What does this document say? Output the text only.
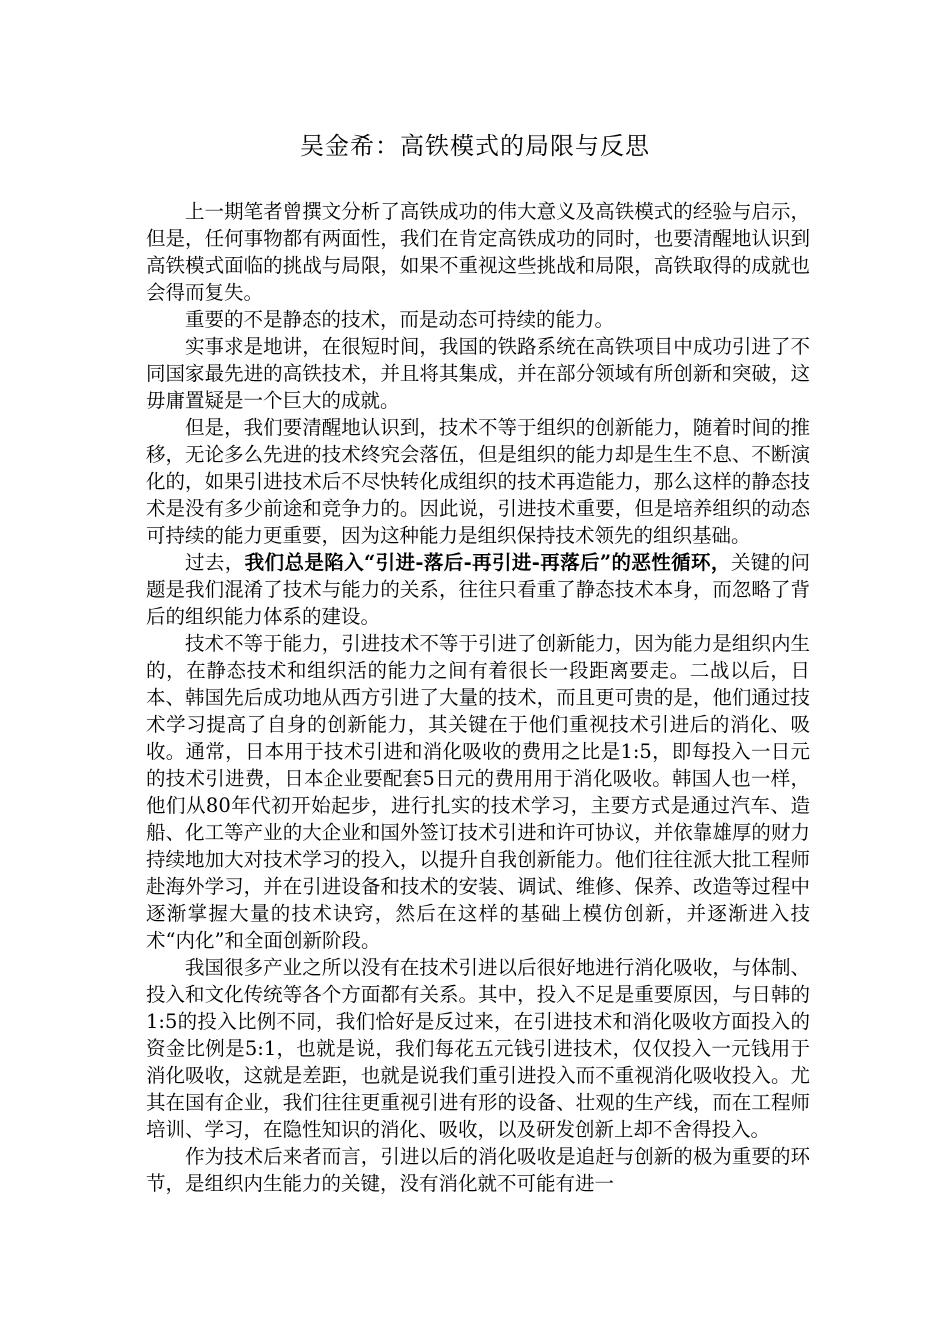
吴金希：高铁模式的局限与反思

上一期笔者曾撰文分析了高铁成功的伟大意义及高铁模式的经验与启示，但是，任何事物都有两面性，我们在肯定高铁成功的同时，也要清醒地认识到高铁模式面临的挑战与局限，如果不重视这些挑战和局限，高铁取得的成就也会得而复失。

重要的不是静态的技术，而是动态可持续的能力。

实事求是地讲，在很短时间，我国的铁路系统在高铁项目中成功引进了不同国家最先进的高铁技术，并且将其集成，并在部分领域有所创新和突破，这毋庸置疑是一个巨大的成就。

但是，我们要清醒地认识到，技术不等于组织的创新能力，随着时间的推移，无论多么先进的技术终究会落伍，但是组织的能力却是生生不息、不断演化的，如果引进技术后不尽快转化成组织的技术再造能力，那么这样的静态技术是没有多少前途和竞争力的。因此说，引进技术重要，但是培养组织的动态可持续的能力更重要，因为这种能力是组织保持技术领先的组织基础。

过去，我们总是陷入“引进-落后-再引进-再落后”的恶性循环，关键的问题是我们混淆了技术与能力的关系，往往只看重了静态技术本身，而忽略了背后的组织能力体系的建设。

技术不等于能力，引进技术不等于引进了创新能力，因为能力是组织内生的，在静态技术和组织活的能力之间有着很长一段距离要走。二战以后，日本、韩国先后成功地从西方引进了大量的技术，而且更可贵的是，他们通过技术学习提高了自身的创新能力，其关键在于他们重视技术引进后的消化、吸收。通常，日本用于技术引进和消化吸收的费用之比是1:5，即每投入一日元的技术引进费，日本企业要配套5日元的费用用于消化吸收。韩国人也一样，他们从80年代初开始起步，进行扎实的技术学习，主要方式是通过汽车、造船、化工等产业的大企业和国外签订技术引进和许可协议，并依靠雄厚的财力持续地加大对技术学习的投入，以提升自我创新能力。他们往往派大批工程师赴海外学习，并在引进设备和技术的安装、调试、维修、保养、改造等过程中逐渐掌握大量的技术诀窍，然后在这样的基础上模仿创新，并逐渐进入技术“内化”和全面创新阶段。

我国很多产业之所以没有在技术引进以后很好地进行消化吸收，与体制、投入和文化传统等各个方面都有关系。其中，投入不足是重要原因，与日韩的1:5的投入比例不同，我们恰好是反过来，在引进技术和消化吸收方面投入的资金比例是5:1，也就是说，我们每花五元钱引进技术，仅仅投入一元钱用于消化吸收，这就是差距，也就是说我们重引进投入而不重视消化吸收投入。尤其在国有企业，我们往往更重视引进有形的设备、壮观的生产线，而在工程师培训、学习，在隐性知识的消化、吸收，以及研发创新上却不舍得投入。

作为技术后来者而言，引进以后的消化吸收是追赶与创新的极为重要的环节，是组织内生能力的关键，没有消化就不可能有进一
